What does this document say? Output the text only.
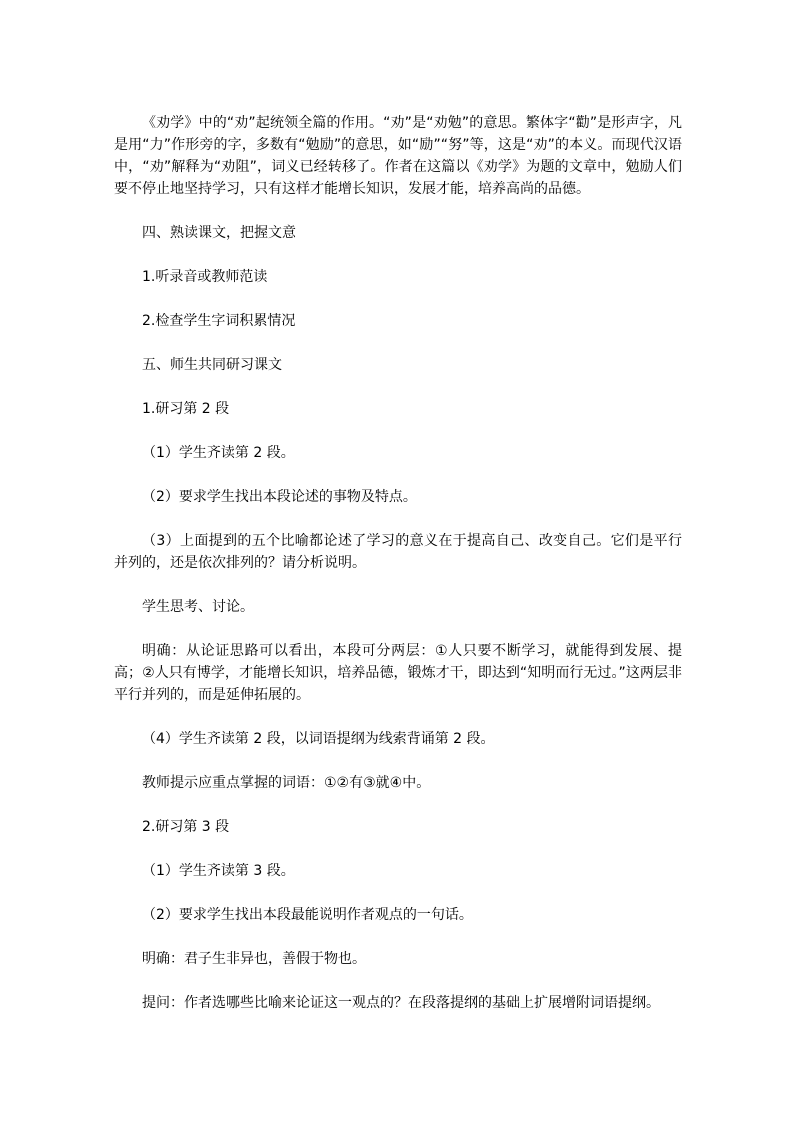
《劝学》中的“劝”起统领全篇的作用。“劝”是“劝勉”的意思。繁体字“勸”是形声字，凡是用“力”作形旁的字，多数有“勉励”的意思，如“励”“努”等，这是“劝”的本义。而现代汉语中，“劝”解释为“劝阻”，词义已经转移了。作者在这篇以《劝学》为题的文章中，勉励人们要不停止地坚持学习，只有这样才能增长知识，发展才能，培养高尚的品德。

四、熟读课文，把握文意

1.听录音或教师范读

2.检查学生字词积累情况

五、师生共同研习课文

1.研习第 2 段

（1）学生齐读第 2 段。

（2）要求学生找出本段论述的事物及特点。

（3）上面提到的五个比喻都论述了学习的意义在于提高自己、改变自己。它们是平行并列的，还是依次排列的？请分析说明。

学生思考、讨论。

明确：从论证思路可以看出，本段可分两层：①人只要不断学习，就能得到发展、提高；②人只有博学，才能增长知识，培养品德，锻炼才干，即达到“知明而行无过。”这两层非平行并列的，而是延伸拓展的。

（4）学生齐读第 2 段，以词语提纲为线索背诵第 2 段。

教师提示应重点掌握的词语：①②有③就④中。

2.研习第 3 段

（1）学生齐读第 3 段。

（2）要求学生找出本段最能说明作者观点的一句话。

明确：君子生非异也，善假于物也。

提问：作者选哪些比喻来论证这一观点的？在段落提纲的基础上扩展增附词语提纲。
